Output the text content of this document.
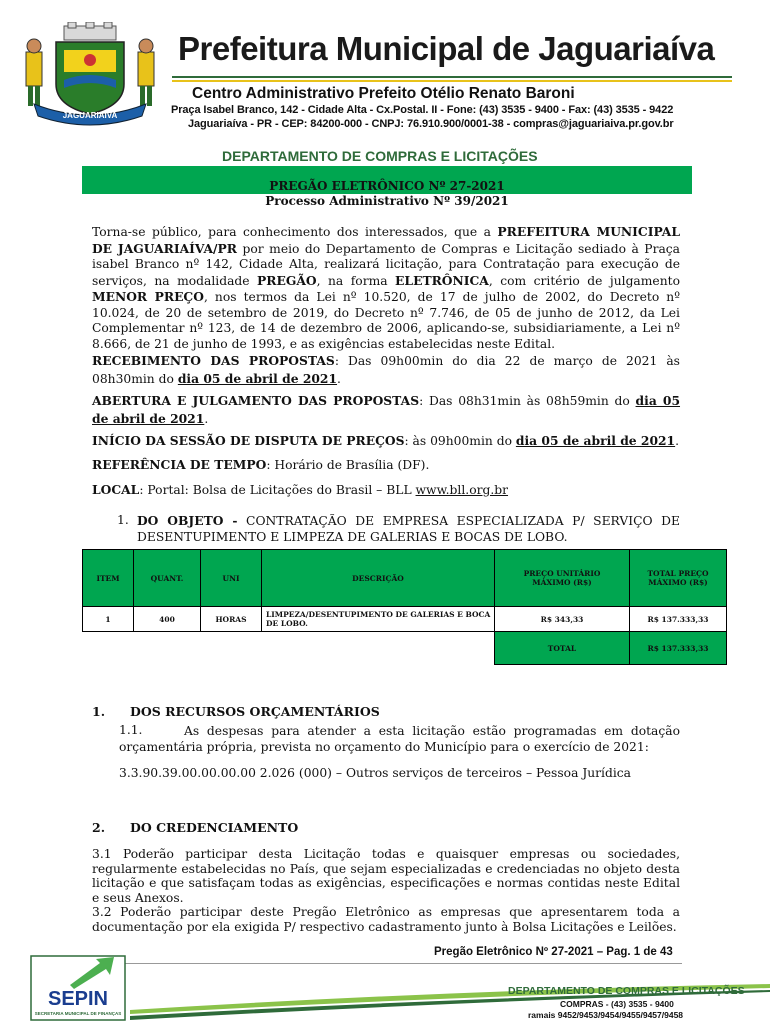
JAGUARIAÍVA
Prefeitura Municipal de Jaguariaíva
Centro Administrativo Prefeito Otélio Renato Baroni
Praça Isabel Branco, 142 - Cidade Alta - Cx.Postal. II - Fone: (43) 3535 - 9400 - Fax: (43) 3535 - 9422
Jaguariaíva - PR - CEP: 84200-000 - CNPJ: 76.910.900/0001-38 - compras@jaguariaiva.pr.gov.br
DEPARTAMENTO DE COMPRAS E LICITAÇÕES
PREGÃO ELETRÔNICO Nº 27-2021
Processo Administrativo Nº 39/2021
Torna-se público, para conhecimento dos interessados, que a PREFEITURA MUNICIPAL DE JAGUARIAÍVA/PR por meio do Departamento de Compras e Licitação sediado à Praça isabel Branco nº 142, Cidade Alta, realizará licitação, para Contratação para execução de serviços, na modalidade PREGÃO, na forma ELETRÔNICA, com critério de julgamento MENOR PREÇO, nos termos da Lei nº 10.520, de 17 de julho de 2002, do Decreto nº 10.024, de 20 de setembro de 2019, do Decreto nº 7.746, de 05 de junho de 2012, da Lei Complementar nº 123, de 14 de dezembro de 2006, aplicando-se, subsidiariamente, a Lei nº 8.666, de 21 de junho de 1993, e as exigências estabelecidas neste Edital.
RECEBIMENTO DAS PROPOSTAS: Das 09h00min do dia 22 de março de 2021 às 08h30min do dia 05 de abril de 2021.
ABERTURA E JULGAMENTO DAS PROPOSTAS: Das 08h31min às 08h59min do dia 05 de abril de 2021.
INÍCIO DA SESSÃO DE DISPUTA DE PREÇOS: às 09h00min do dia 05 de abril de 2021.
REFERÊNCIA DE TEMPO: Horário de Brasília (DF).
LOCAL: Portal: Bolsa de Licitações do Brasil – BLL www.bll.org.br
1. DO OBJETO - CONTRATAÇÃO DE EMPRESA ESPECIALIZADA P/ SERVIÇO DE DESENTUPIMENTO E LIMPEZA DE GALERIAS E BOCAS DE LOBO.
ITEM	QUANT.	UNI	DESCRIÇÃO	PREÇO UNITÁRIO MÁXIMO (R$)	TOTAL PREÇO MÁXIMO (R$)
1	400	HORAS	LIMPEZA/DESENTUPIMENTO DE GALERIAS E BOCA DE LOBO.	R$ 343,33	R$ 137.333,33
				TOTAL	R$ 137.333,33
1. DOS RECURSOS ORÇAMENTÁRIOS
1.1.	As despesas para atender a esta licitação estão programadas em dotação orçamentária própria, prevista no orçamento do Município para o exercício de 2021:
3.3.90.39.00.00.00.00 2.026 (000) – Outros serviços de terceiros – Pessoa Jurídica
2. DO CREDENCIAMENTO
3.1 Poderão participar desta Licitação todas e quaisquer empresas ou sociedades, regularmente estabelecidas no País, que sejam especializadas e credenciadas no objeto desta licitação e que satisfaçam todas as exigências, especificações e normas contidas neste Edital e seus Anexos.
3.2 Poderão participar deste Pregão Eletrônico as empresas que apresentarem toda a documentação por ela exigida P/ respectivo cadastramento junto à Bolsa Licitações e Leilões.
Pregão Eletrônico Nº 27-2021 – Pag. 1 de 43
SEPIN
SECRETARIA MUNICIPAL DE FINANÇAS
DEPARTAMENTO DE COMPRAS E LICITAÇÕES
COMPRAS - (43) 3535 - 9400
ramais 9452/9453/9454/9455/9457/9458
